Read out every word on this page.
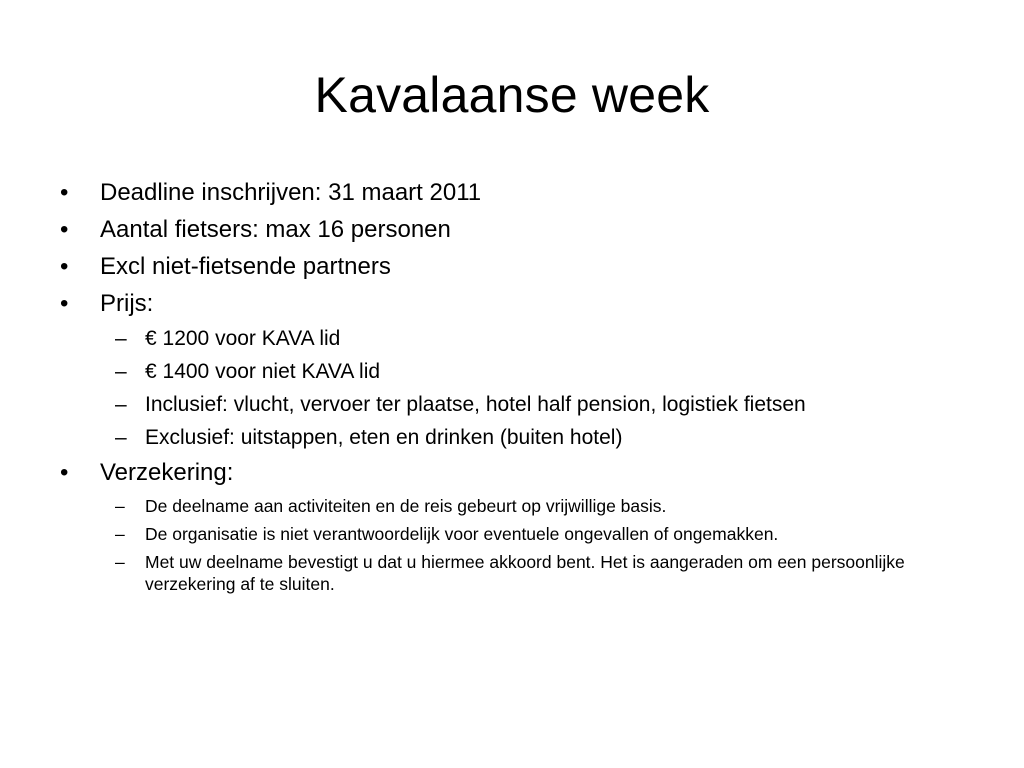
Kavalaanse week
• Deadline inschrijven: 31 maart 2011
• Aantal fietsers: max 16 personen
• Excl niet-fietsende partners
• Prijs:
– € 1200 voor KAVA lid
– € 1400 voor niet KAVA lid
– Inclusief: vlucht, vervoer ter plaatse, hotel half pension, logistiek fietsen
– Exclusief: uitstappen, eten en drinken (buiten hotel)
• Verzekering:
– De deelname aan activiteiten en de reis gebeurt op vrijwillige basis.
– De organisatie is niet verantwoordelijk voor eventuele ongevallen of ongemakken.
– Met uw deelname bevestigt u dat u hiermee akkoord bent. Het is aangeraden om een persoonlijke verzekering af te sluiten.
